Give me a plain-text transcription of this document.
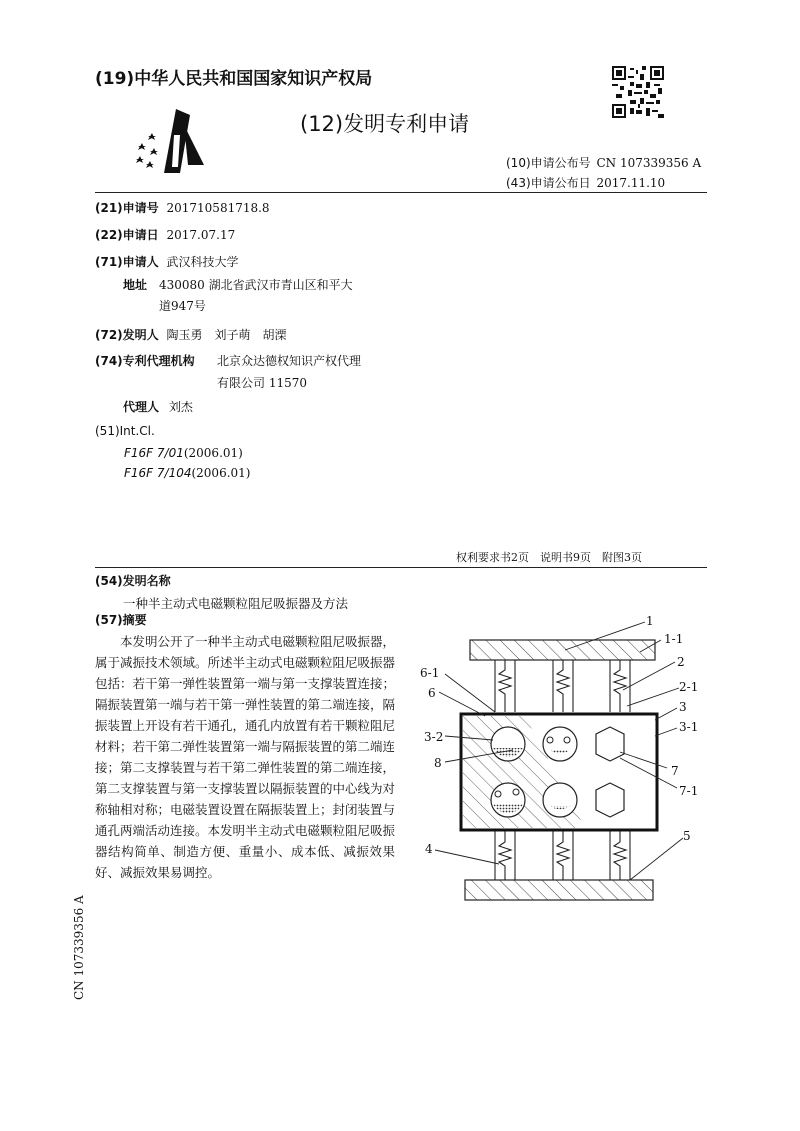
(19)中华人民共和国国家知识产权局
(12)发明专利申请
(10)申请公布号 CN 107339356 A
(43)申请公布日 2017.11.10
(21)申请号 201710581718.8
(22)申请日 2017.07.17
(71)申请人 武汉科技大学
地址 430080 湖北省武汉市青山区和平大
道947号
(72)发明人 陶玉勇　刘子萌　胡溧
(74)专利代理机构 北京众达德权知识产权代理
有限公司 11570
代理人 刘杰
(51)Int.Cl.
F16F 7/01(2006.01)
F16F 7/104(2006.01)
权利要求书2页　说明书9页　附图3页
(54)发明名称
一种半主动式电磁颗粒阻尼吸振器及方法
(57)摘要
本发明公开了一种半主动式电磁颗粒阻尼吸振器，属于减振技术领域。所述半主动式电磁颗粒阻尼吸振器包括：若干第一弹性装置第一端与第一支撑装置连接；隔振装置第一端与若干第一弹性装置的第二端连接，隔振装置上开设有若干通孔，通孔内放置有若干颗粒阻尼材料；若干第二弹性装置第一端与隔振装置的第二端连接；第二支撑装置与若干第二弹性装置的第二端连接，第二支撑装置与第一支撑装置以隔振装置的中心线为对称轴相对称；电磁装置设置在隔振装置上；封闭装置与通孔两端活动连接。本发明半主动式电磁颗粒阻尼吸振器结构简单、制造方便、重量小、成本低、减振效果好、减振效果易调控。
1
1-1
2
2-1
3
3-1
6-1
6
3-2
8
7
7-1
4
5
CN 107339356 A
